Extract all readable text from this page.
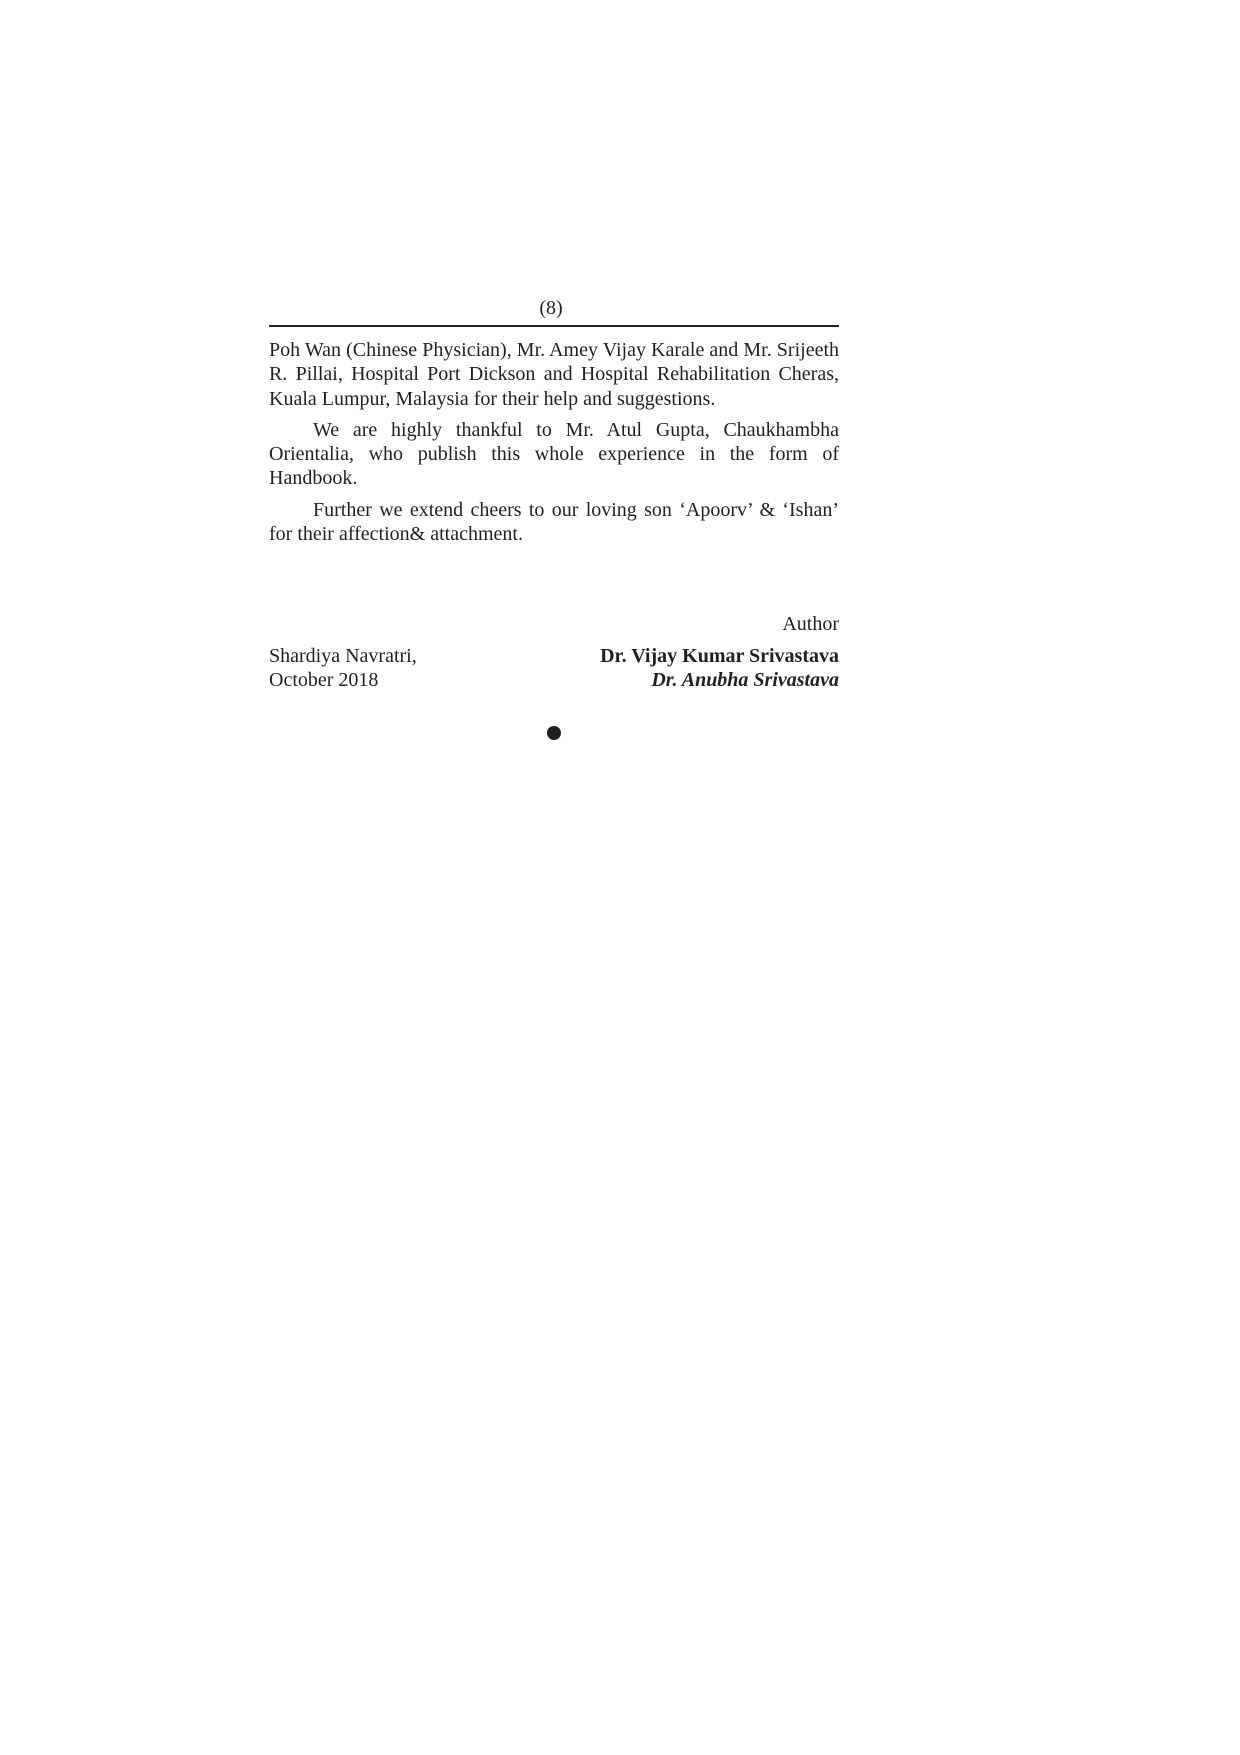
(8)

Poh Wan (Chinese Physician), Mr. Amey Vijay Karale and Mr. Srijeeth R. Pillai, Hospital Port Dickson and Hospital Rehabilitation Cheras, Kuala Lumpur, Malaysia for their help and suggestions.

We are highly thankful to Mr. Atul Gupta, Chaukhambha Orientalia, who publish this whole experience in the form of Handbook.

Further we extend cheers to our loving son ‘Apoorv’ & ‘Ishan’ for their affection& attachment.

Author
Shardiya Navratri,
October 2018
Dr. Vijay Kumar Srivastava
Dr. Anubha Srivastava
